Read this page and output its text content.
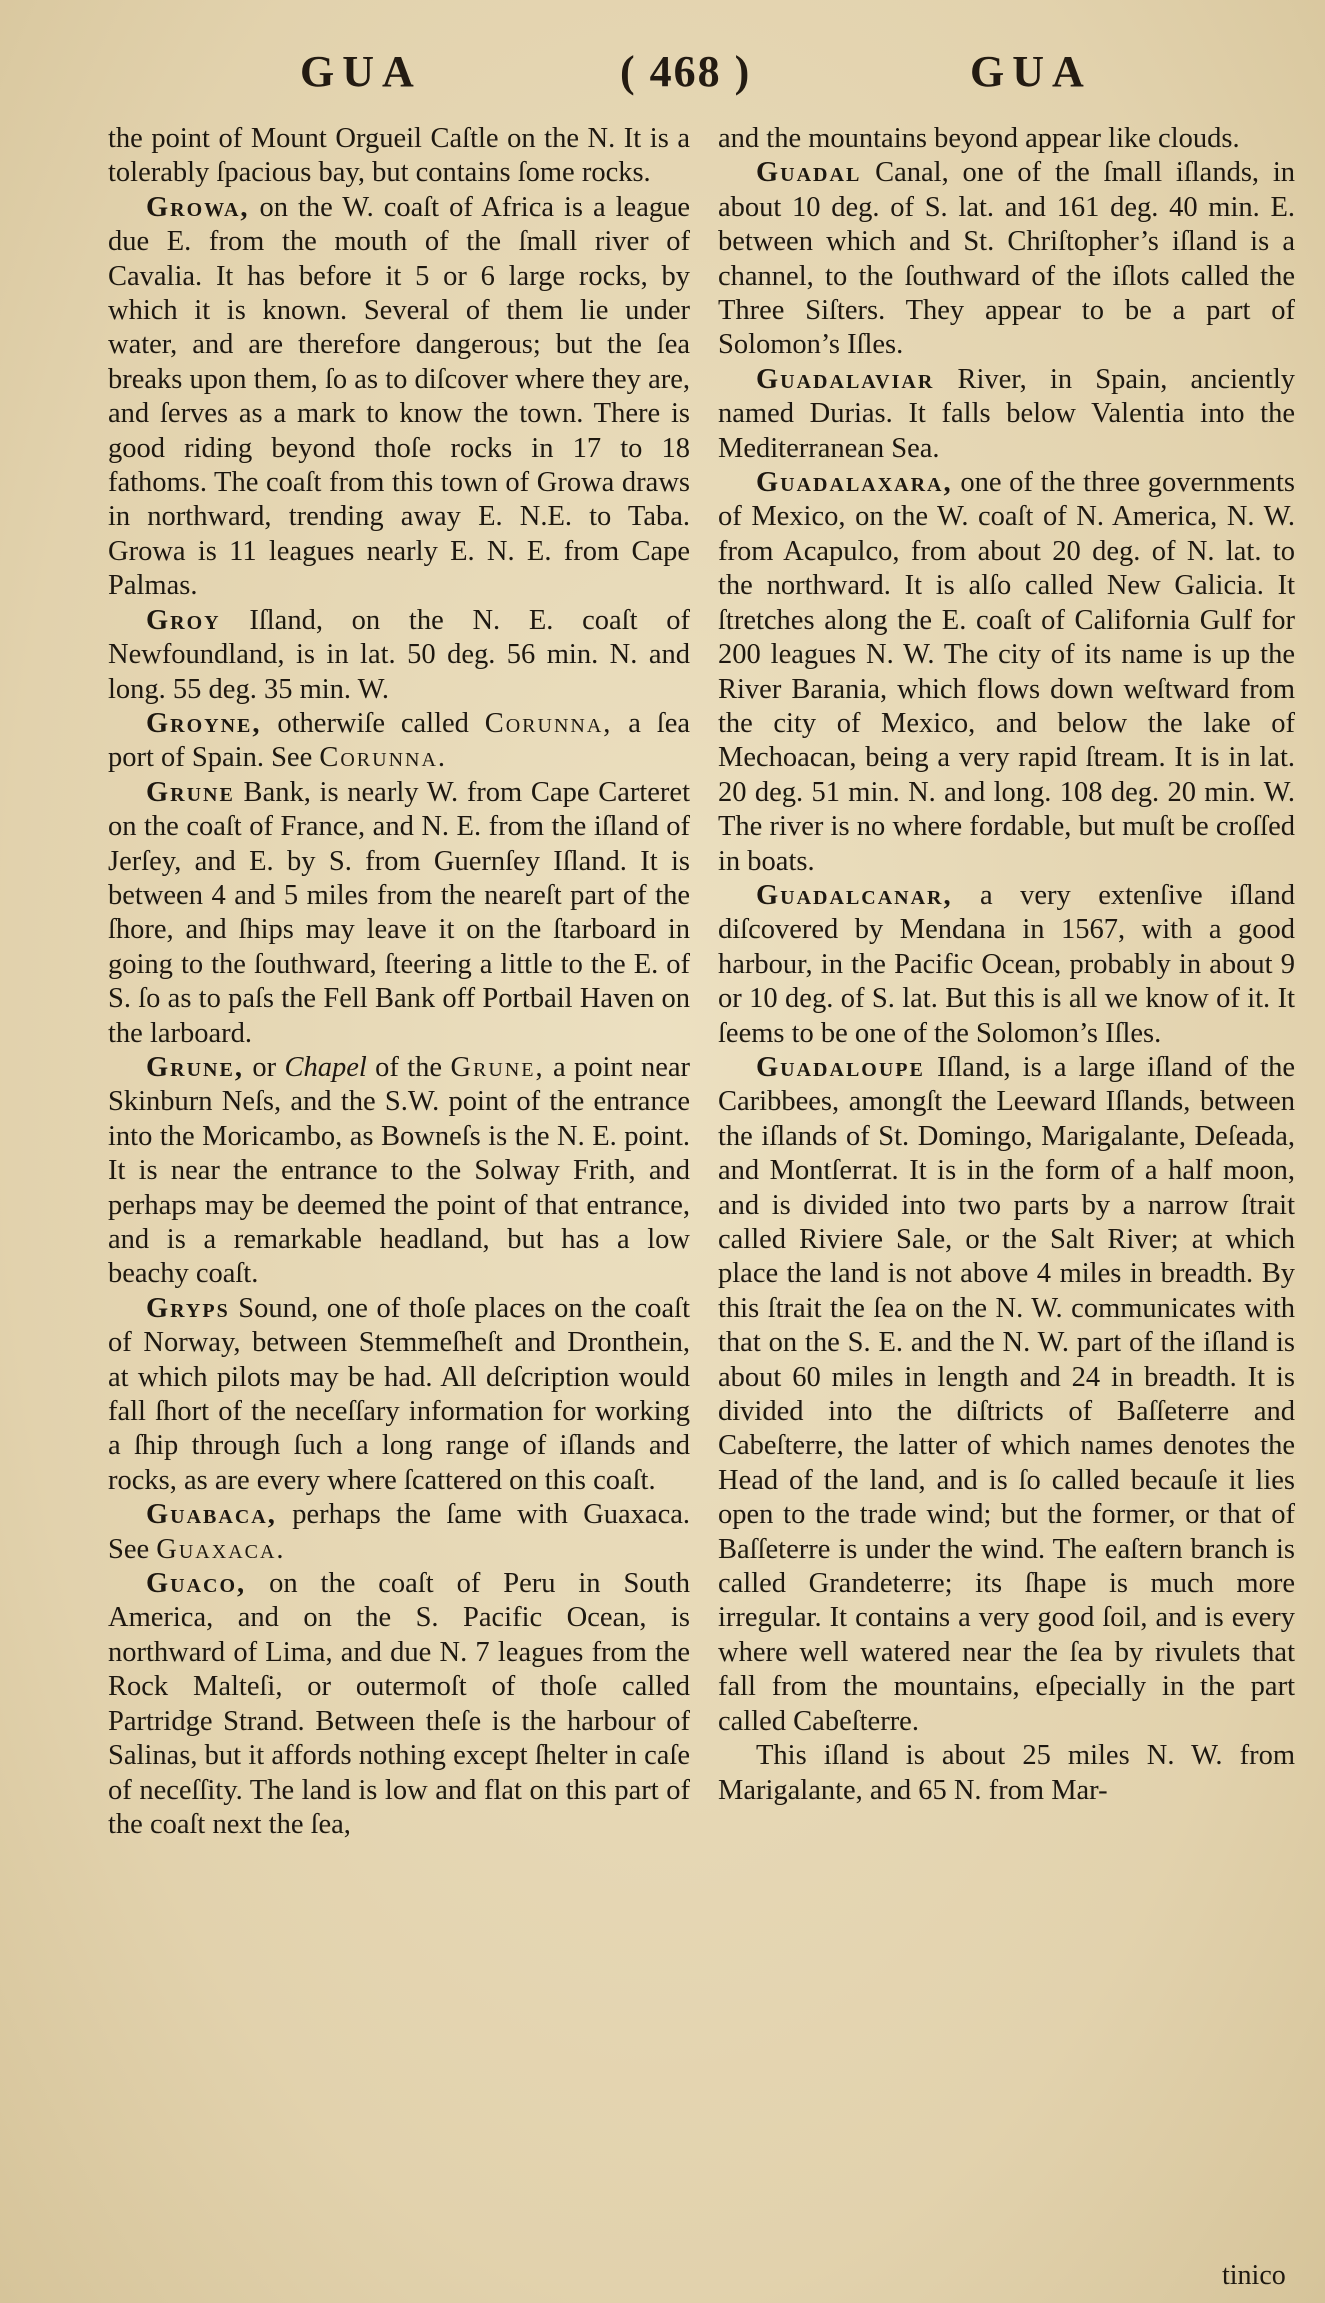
GUA	( 468 )	GUA

the point of Mount Orgueil Caſtle on the N. It is a tolerably ſpacious bay, but contains ſome rocks.

Growa, on the W. coaſt of Africa is a league due E. from the mouth of the ſmall river of Cavalia. It has before it 5 or 6 large rocks, by which it is known. Several of them lie under water, and are therefore dangerous; but the ſea breaks upon them, ſo as to diſcover where they are, and ſerves as a mark to know the town. There is good riding beyond thoſe rocks in 17 to 18 fathoms. The coaſt from this town of Growa draws in northward, trending away E. N.E. to Taba. Growa is 11 leagues nearly E. N. E. from Cape Palmas.

Groy Iſland, on the N. E. coaſt of Newfoundland, is in lat. 50 deg. 56 min. N. and long. 55 deg. 35 min. W.

Groyne, otherwiſe called Corunna, a ſea port of Spain. See Corunna.

Grune Bank, is nearly W. from Cape Carteret on the coaſt of France, and N. E. from the iſland of Jerſey, and E. by S. from Guernſey Iſland. It is between 4 and 5 miles from the neareſt part of the ſhore, and ſhips may leave it on the ſtarboard in going to the ſouthward, ſteering a little to the E. of S. ſo as to paſs the Fell Bank off Portbail Haven on the larboard.

Grune, or Chapel of the Grune, a point near Skinburn Neſs, and the S.W. point of the entrance into the Moricambo, as Bowneſs is the N. E. point. It is near the entrance to the Solway Frith, and perhaps may be deemed the point of that entrance, and is a remarkable headland, but has a low beachy coaſt.

Gryps Sound, one of thoſe places on the coaſt of Norway, between Stemmeſheſt and Dronthein, at which pilots may be had. All deſcription would fall ſhort of the neceſſary information for working a ſhip through ſuch a long range of iſlands and rocks, as are every where ſcattered on this coaſt.

Guabaca, perhaps the ſame with Guaxaca. See Guaxaca.

Guaco, on the coaſt of Peru in South America, and on the S. Pacific Ocean, is northward of Lima, and due N. 7 leagues from the Rock Malteſi, or outermoſt of thoſe called Partridge Strand. Between theſe is the harbour of Salinas, but it affords nothing except ſhelter in caſe of neceſſity. The land is low and flat on this part of the coaſt next the ſea,

and the mountains beyond appear like clouds.

Guadal Canal, one of the ſmall iſlands, in about 10 deg. of S. lat. and 161 deg. 40 min. E. between which and St. Chriſtopher’s iſland is a channel, to the ſouthward of the iſlots called the Three Siſters. They appear to be a part of Solomon’s Iſles.

Guadalaviar River, in Spain, anciently named Durias. It falls below Valentia into the Mediterranean Sea.

Guadalaxara, one of the three governments of Mexico, on the W. coaſt of N. America, N. W. from Acapulco, from about 20 deg. of N. lat. to the northward. It is alſo called New Galicia. It ſtretches along the E. coaſt of California Gulf for 200 leagues N. W. The city of its name is up the River Barania, which flows down weſtward from the city of Mexico, and below the lake of Mechoacan, being a very rapid ſtream. It is in lat. 20 deg. 51 min. N. and long. 108 deg. 20 min. W. The river is no where fordable, but muſt be croſſed in boats.

Guadalcanar, a very extenſive iſland diſcovered by Mendana in 1567, with a good harbour, in the Pacific Ocean, probably in about 9 or 10 deg. of S. lat. But this is all we know of it. It ſeems to be one of the Solomon’s Iſles.

Guadaloupe Iſland, is a large iſland of the Caribbees, amongſt the Leeward Iſlands, between the iſlands of St. Domingo, Marigalante, Deſeada, and Montſerrat. It is in the form of a half moon, and is divided into two parts by a narrow ſtrait called Riviere Sale, or the Salt River; at which place the land is not above 4 miles in breadth. By this ſtrait the ſea on the N. W. communicates with that on the S. E. and the N. W. part of the iſland is about 60 miles in length and 24 in breadth. It is divided into the diſtricts of Baſſeterre and Cabeſterre, the latter of which names denotes the Head of the land, and is ſo called becauſe it lies open to the trade wind; but the former, or that of Baſſeterre is under the wind. The eaſtern branch is called Grandeterre; its ſhape is much more irregular. It contains a very good ſoil, and is every where well watered near the ſea by rivulets that fall from the mountains, eſpecially in the part called Cabeſterre.

This iſland is about 25 miles N. W. from Marigalante, and 65 N. from Mar-

tinico
